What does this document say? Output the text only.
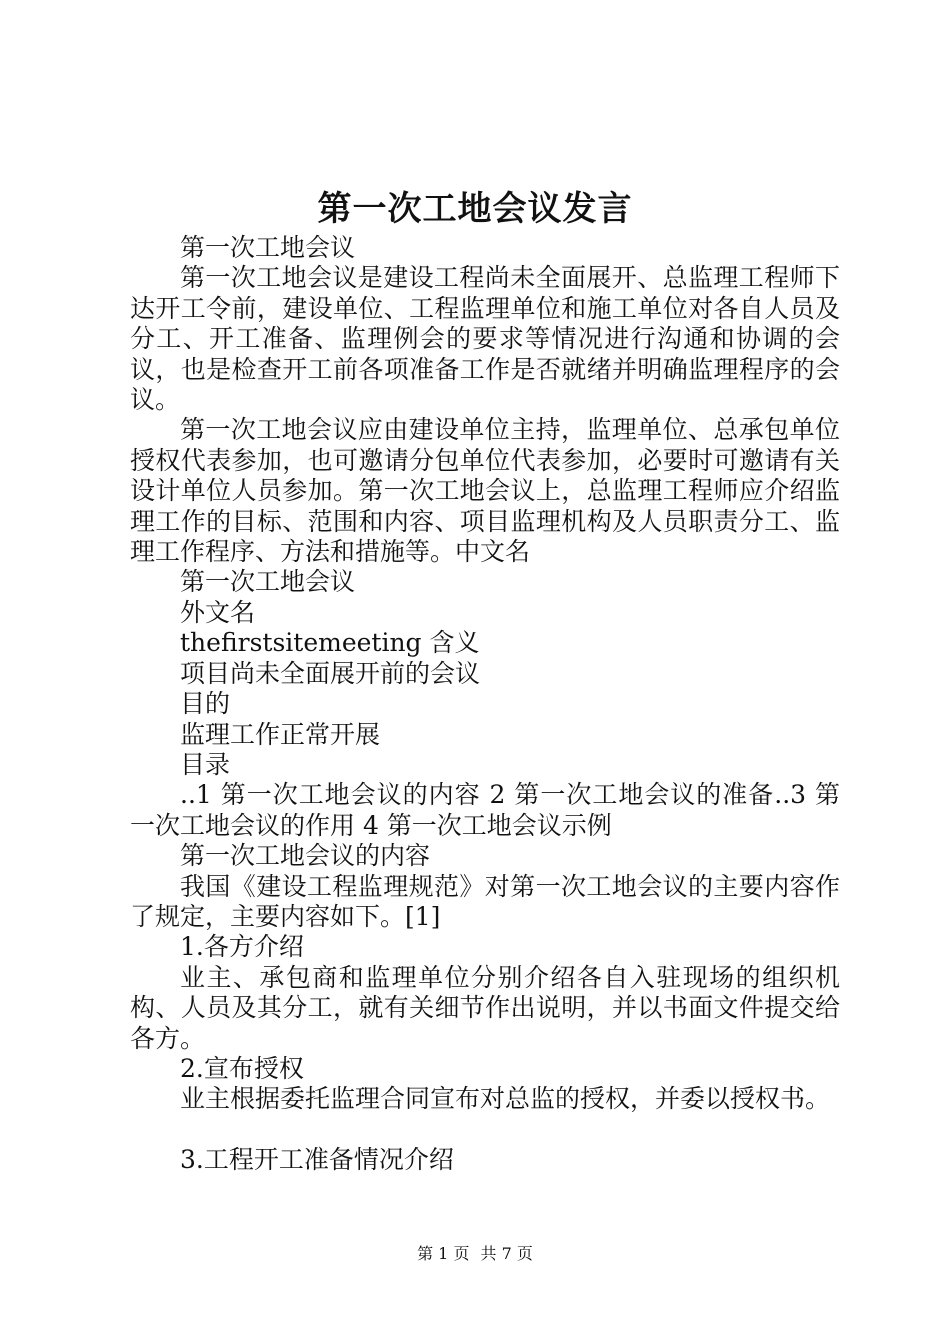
第一次工地会议发言

第一次工地会议

第一次工地会议是建设工程尚未全面展开、总监理工程师下达开工令前，建设单位、工程监理单位和施工单位对各自人员及分工、开工准备、监理例会的要求等情况进行沟通和协调的会议，也是检查开工前各项准备工作是否就绪并明确监理程序的会议。

第一次工地会议应由建设单位主持，监理单位、总承包单位授权代表参加，也可邀请分包单位代表参加，必要时可邀请有关设计单位人员参加。第一次工地会议上，总监理工程师应介绍监理工作的目标、范围和内容、项目监理机构及人员职责分工、监理工作程序、方法和措施等。中文名

第一次工地会议

外文名

thefirstsitemeeting 含义

项目尚未全面展开前的会议

目的

监理工作正常开展

目录

..1 第一次工地会议的内容 2 第一次工地会议的准备..3 第一次工地会议的作用 4 第一次工地会议示例

第一次工地会议的内容

我国《建设工程监理规范》对第一次工地会议的主要内容作了规定，主要内容如下。[1]

1.各方介绍

业主、承包商和监理单位分别介绍各自入驻现场的组织机构、人员及其分工，就有关细节作出说明，并以书面文件提交给各方。

2.宣布授权

业主根据委托监理合同宣布对总监的授权，并委以授权书。

3.工程开工准备情况介绍

第 1 页 共 7 页
